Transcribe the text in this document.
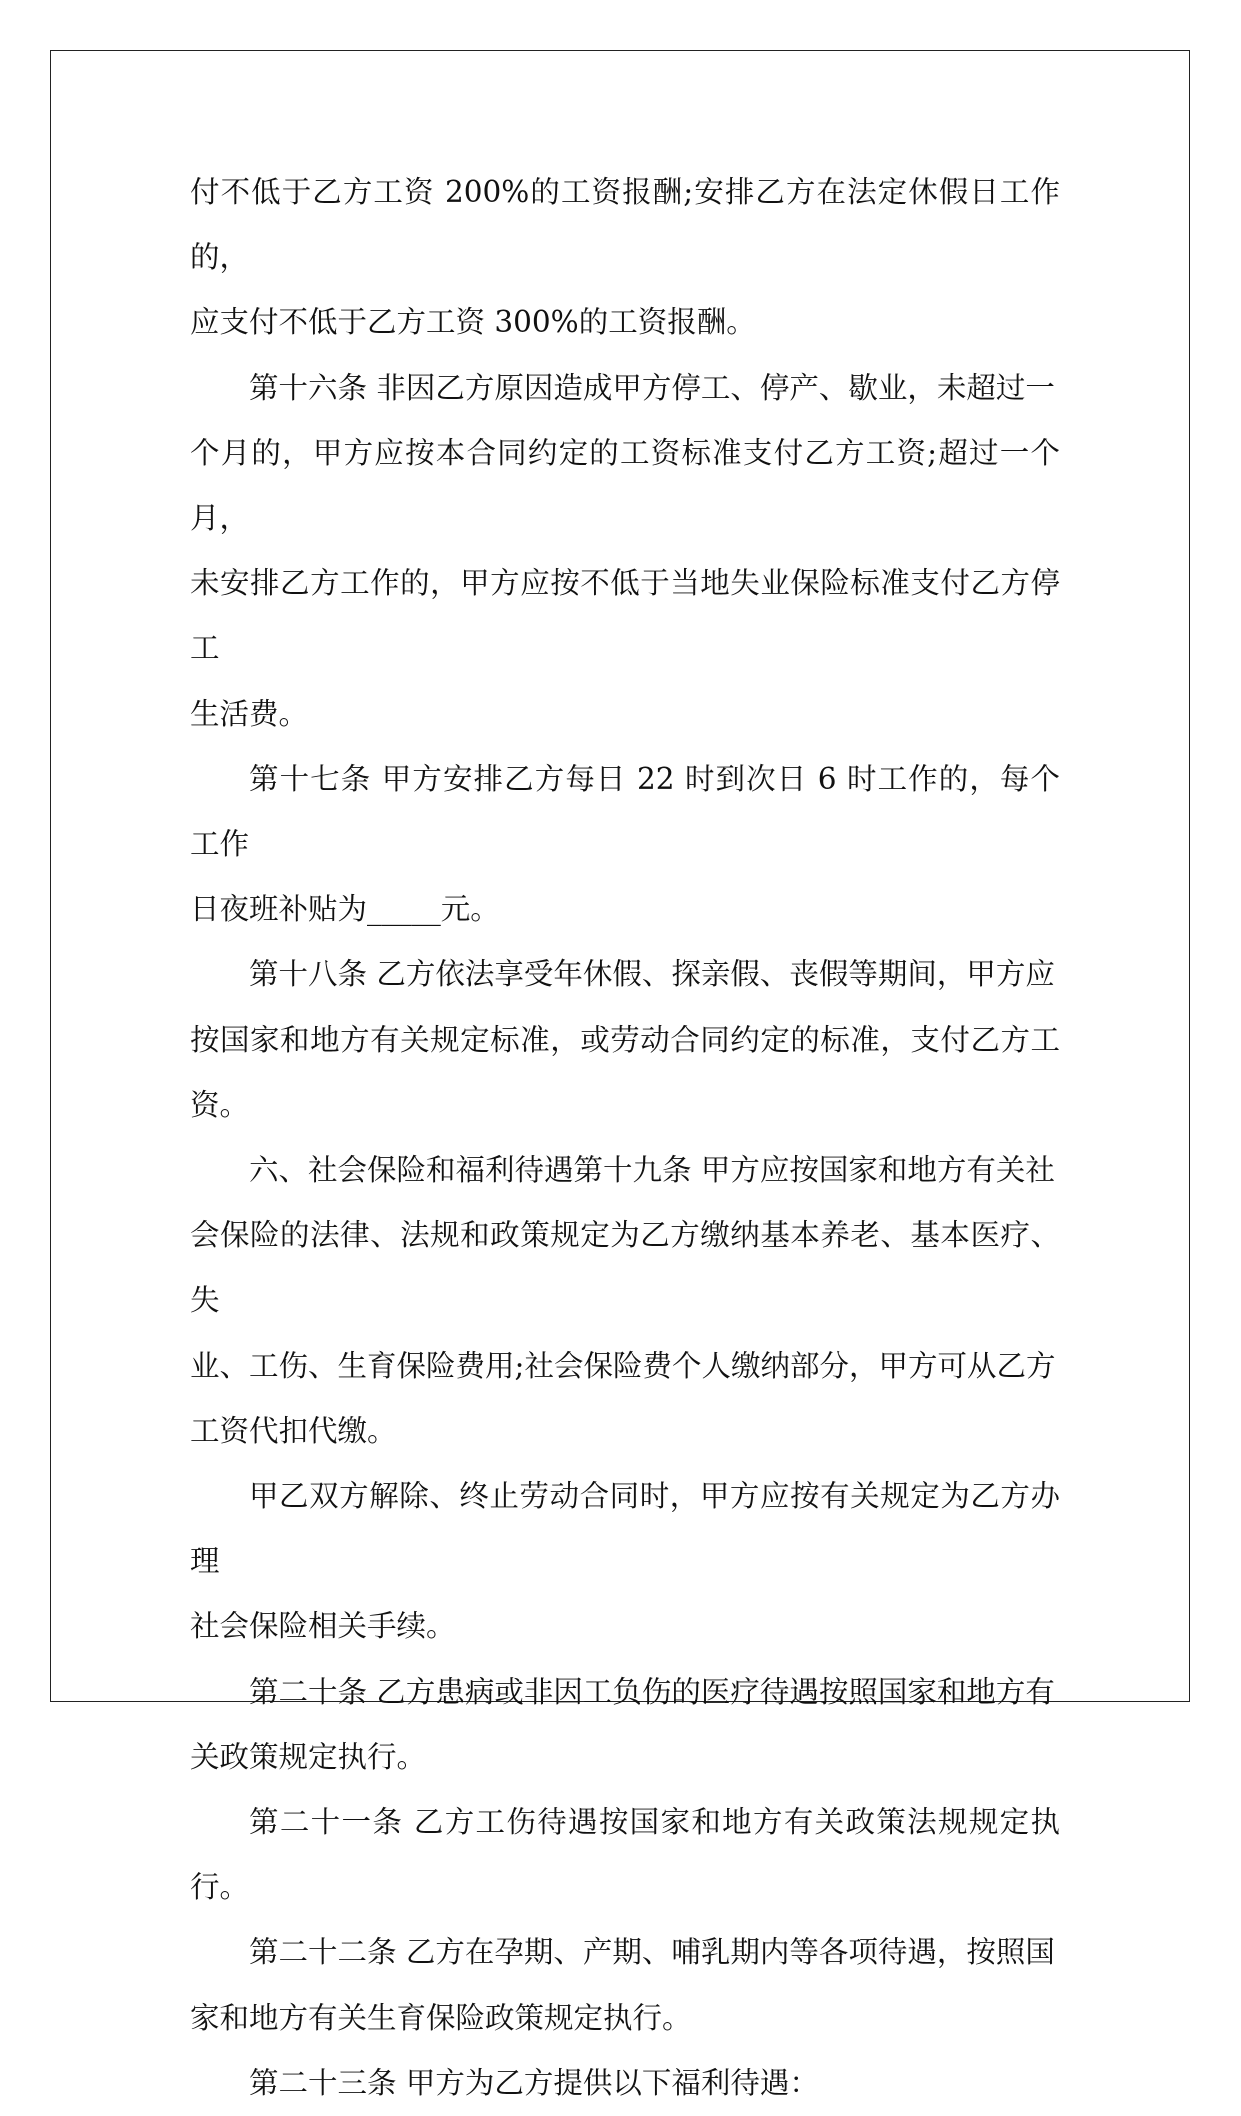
付不低于乙方工资 200%的工资报酬;安排乙方在法定休假日工作的，
应支付不低于乙方工资 300%的工资报酬。

第十六条 非因乙方原因造成甲方停工、停产、歇业，未超过一
个月的，甲方应按本合同约定的工资标准支付乙方工资;超过一个月，
未安排乙方工作的，甲方应按不低于当地失业保险标准支付乙方停工
生活费。

第十七条 甲方安排乙方每日 22 时到次日 6 时工作的，每个工作
日夜班补贴为_____元。

第十八条 乙方依法享受年休假、探亲假、丧假等期间，甲方应
按国家和地方有关规定标准，或劳动合同约定的标准，支付乙方工资。

六、社会保险和福利待遇第十九条 甲方应按国家和地方有关社
会保险的法律、法规和政策规定为乙方缴纳基本养老、基本医疗、失
业、工伤、生育保险费用;社会保险费个人缴纳部分，甲方可从乙方
工资代扣代缴。

甲乙双方解除、终止劳动合同时，甲方应按有关规定为乙方办理
社会保险相关手续。

第二十条 乙方患病或非因工负伤的医疗待遇按照国家和地方有
关政策规定执行。

第二十一条 乙方工伤待遇按国家和地方有关政策法规规定执行。

第二十二条 乙方在孕期、产期、哺乳期内等各项待遇，按照国
家和地方有关生育保险政策规定执行。

第二十三条 甲方为乙方提供以下福利待遇：
